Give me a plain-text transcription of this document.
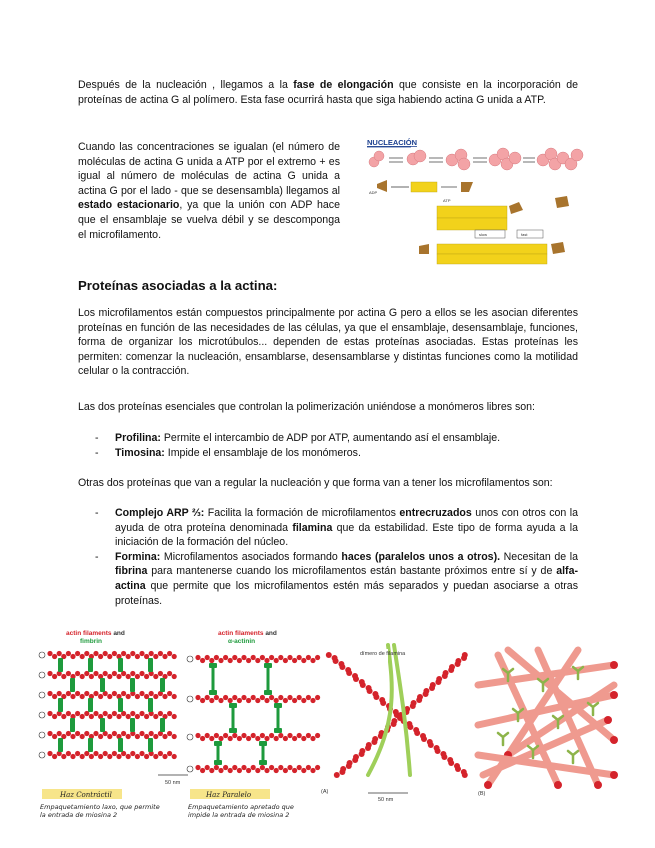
Después de la nucleación , llegamos a la fase de elongación que consiste en la incorporación de proteínas de actina G al polímero. Esta fase ocurrirá hasta que siga habiendo actina G unida a ATP.
Cuando las concentraciones se igualan (el número de moléculas de actina G unida a ATP por el extremo + es igual al número de moléculas de actina G unida a actina G por el lado - que se desensambla) llegamos al estado estacionario, ya que la unión con ADP hace que el ensamblaje se vuelva débil y se descomponga el microfilamento.
NUCLEACIÓN
ADP
ATP
slow	fast
Proteínas asociadas a la actina:
Los microfilamentos están compuestos principalmente por actina G pero a ellos se les asocian diferentes proteínas en función de las necesidades de las células, ya que el ensamblaje, desensamblaje, funciones, forma de organizar los microtúbulos... dependen de estas proteínas asociadas. Estas proteínas les permiten: comenzar la nucleación, ensamblarse, desensamblarse y distintas funciones como la motilidad celular o la contracción.
Las dos proteínas esenciales que controlan la polimerización uniéndose a monómeros libres son:
- Profilina: Permite el intercambio de ADP por ATP, aumentando así el ensamblaje.
- Timosina: Impide el ensamblaje de los monómeros.
Otras dos proteínas que van a regular la nucleación y que forma van a tener los microfilamentos son:
- Complejo ARP ⅔: Facilita la formación de microfilamentos entrecruzados unos con otros con la ayuda de otra proteína denominada filamina que da estabilidad. Este tipo de forma ayuda a la iniciación de la formación del núcleo.
- Formina: Microfilamentos asociados formando haces (paralelos unos a otros). Necesitan de la fibrina para mantenerse cuando los microfilamentos están bastante próximos entre sí y de alfa-actina que permite que los microfilamentos estén más separados y puedan asociarse a otras proteínas.
actin filaments and
fimbrin
actin filaments and
α-actinin
50 nm
Haz Contráctil	Haz Paralelo
Empaquetamiento laxo, que permite la entrada de miosina 2
Empaquetamiento apretado que impide la entrada de miosina 2
dímero de filamina
(A)
50 nm
(B)
